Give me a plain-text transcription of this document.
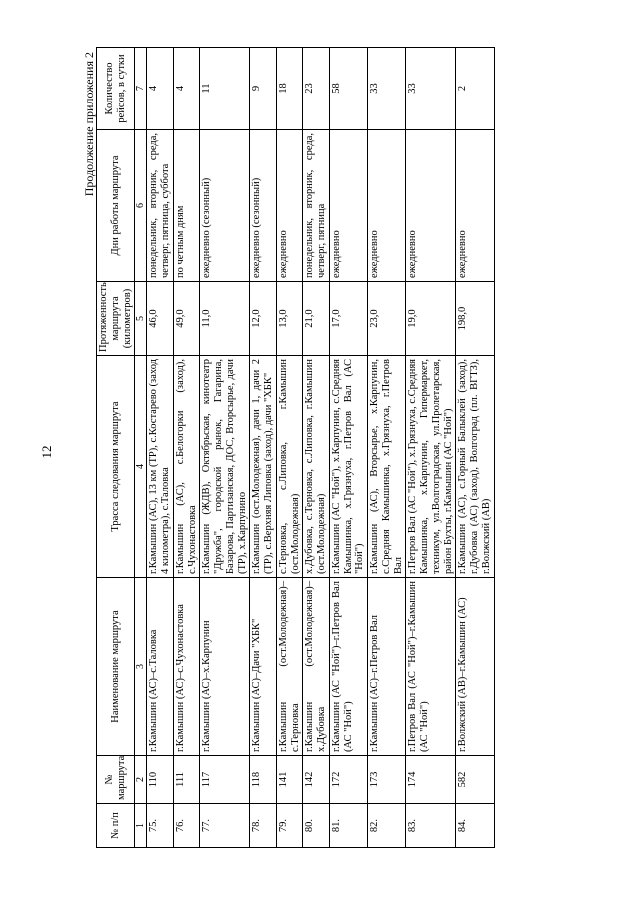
12
Продолжение приложения 2
№ п/п	№ маршрута	Наименование маршрута	Трасса следования маршрута	Протяженность маршрута (километров)	Дни работы маршрута	Количество рейсов, в сутки
1	2	3	4	5	6	7
75.	110	г.Камышин (АС)–с.Таловка	г.Камышин (АС), 13 км (ТР), с.Костарево (заход 4 километра), с.Таловка	46,0	понедельник, вторник, среда, четверг, пятница, суббота	4
76.	111	г.Камышин (АС)–с.Чухонастовка	г.Камышин (АС), с.Белогорки (заход), с.Чухонастовка	49,0	по четным дням	4
77.	117	г.Камышин (АС)–х.Карпунин	г.Камышин (ЖДВ), Октябрьская, кинотеатр "Дружба", городской рынок, Гагарина, Базарова, Партизанская, ДОС, Вторсырье, дачи (ТР), х.Карпунино	11,0	ежедневно (сезонный)	11
78.	118	г.Камышин (АС)–Дачи "ХБК"	г.Камышин (ост.Молодежная), дачи 1, дачи 2 (ТР), с.Верхняя Липовка (заход), дачи "ХБК"	12,0	ежедневно (сезонный)	9
79.	141	г.Камышин (ост.Молодежная)–с.Терновка	с.Терновка, с.Липовка, г.Камышин (ост.Молодежная)	13,0	ежедневно	18
80.	142	г.Камышин (ост.Молодежная)–х.Дубовка	х.Дубовка, с.Терновка, с.Липовка, г.Камышин (ост.Молодежная)	21,0	понедельник, вторник, среда, четверг, пятница	23
81.	172	г.Камышин (АС "Ной")–г.Петров Вал (АС "Ной")	г.Камышин (АС "Ной"), х.Карпунин, с.Средняя Камышинка, х.Грязнуха, г.Петров Вал (АС "Ной")	17,0	ежедневно	58
82.	173	г.Камышин (АС)–г.Петров Вал	г.Камышин (АС), Вторсырье, х.Карпунин, с.Средняя Камышинка, х.Грязнуха, г.Петров Вал	23,0	ежедневно	33
83.	174	г.Петров Вал (АС "Ной")–г.Камышин (АС "Ной")	г.Петров Вал (АС "Ной"), х.Грязнуха, с.Средняя Камышинка, х.Карпунин, Гипермаркет, техникум, ул.Волгоградская, ул.Пролетарская, район Бухты, г.Камышин (АС "Ной")	19,0	ежедневно	33
84.	582	г.Волжский (АВ)–г.Камышин (АС)	г.Камышин (АС), с.Горный Балыклей (заход), г.Дубовка (АС) (заход), Волгоград (пл. ВГТЗ), г.Волжский (АВ)	198,0	ежедневно	2
